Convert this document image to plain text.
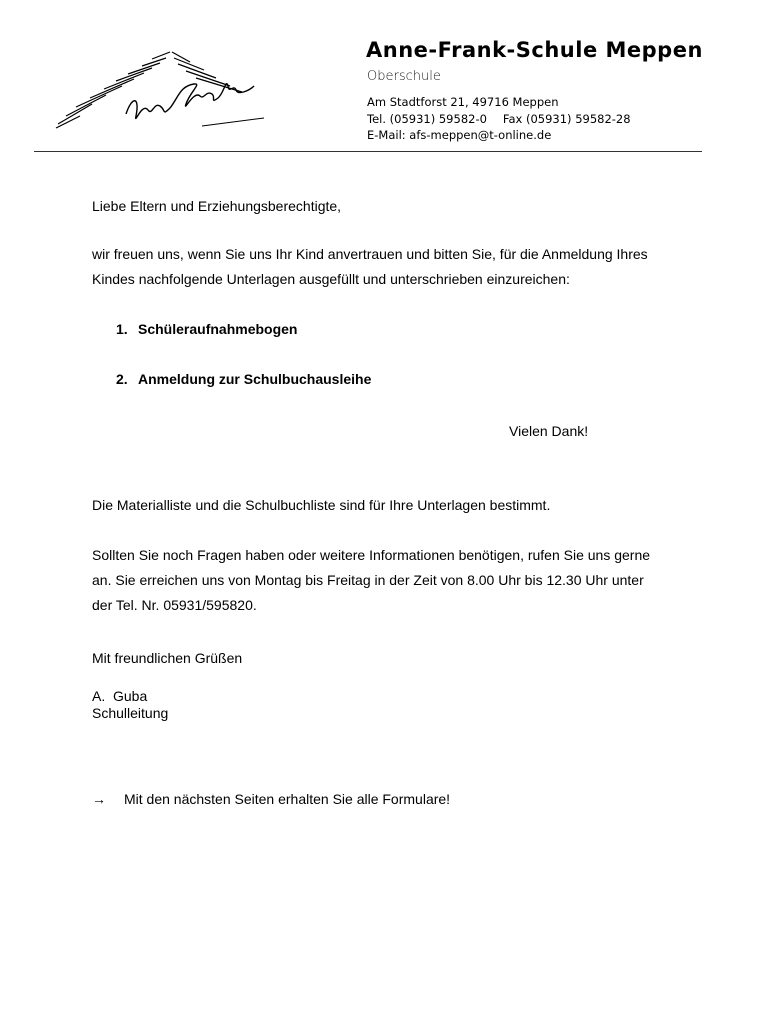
Anne-Frank-Schule Meppen
Oberschule
Am Stadtforst 21, 49716 Meppen
Tel. (05931) 59582-0 Fax (05931) 59582-28
E-Mail: afs-meppen@t-online.de
Liebe Eltern und Erziehungsberechtigte,
wir freuen uns, wenn Sie uns Ihr Kind anvertrauen und bitten Sie, für die Anmeldung Ihres
Kindes nachfolgende Unterlagen ausgefüllt und unterschrieben einzureichen:
1. Schüleraufnahmebogen
2. Anmeldung zur Schulbuchausleihe
Vielen Dank!
Die Materialliste und die Schulbuchliste sind für Ihre Unterlagen bestimmt.
Sollten Sie noch Fragen haben oder weitere Informationen benötigen, rufen Sie uns gerne
an. Sie erreichen uns von Montag bis Freitag in der Zeit von 8.00 Uhr bis 12.30 Uhr unter
der Tel. Nr. 05931/595820.
Mit freundlichen Grüßen
A.  Guba
Schulleitung
→ Mit den nächsten Seiten erhalten Sie alle Formulare!
